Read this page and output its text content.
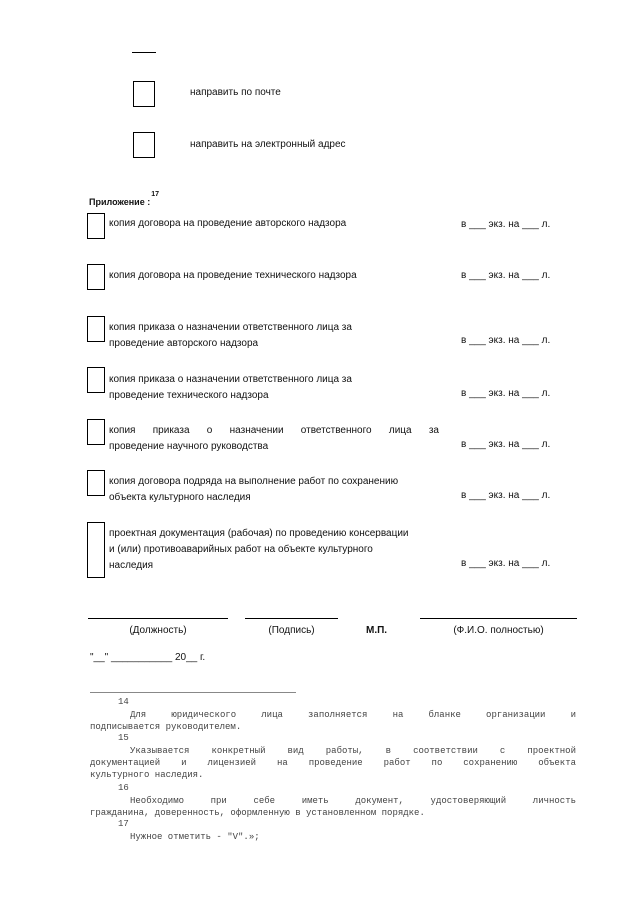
направить по почте
направить на электронный адрес
Приложение :$^{17}$
копия договора на проведение авторского надзора	в ___ экз. на ___ л.
копия договора на проведение технического надзора	в ___ экз. на ___ л.
копия приказа о назначении ответственного лица за
проведение авторского надзора	в ___ экз. на ___ л.
копия приказа о назначении ответственного лица за
проведение технического надзора	в ___ экз. на ___ л.
копия приказа о назначении ответственного лица за
проведение научного руководства	в ___ экз. на ___ л.
копия договора подряда на выполнение работ по сохранению
объекта культурного наследия	в ___ экз. на ___ л.
проектная документация (рабочая) по проведению консервации
и (или) противоаварийных работ на объекте культурного
наследия	в ___ экз. на ___ л.
(Должность)	(Подпись)	М.П.	(Ф.И.О. полностью)
"__" ___________ 20__ г.
14
Для юридического лица заполняется на бланке организации и
подписывается руководителем.
15
Указывается конкретный вид работы, в соответствии с проектной
документацией и лицензией на проведение работ по сохранению объекта
культурного наследия.
16
Необходимо при себе иметь документ, удостоверяющий личность
гражданина, доверенность, оформленную в установленном порядке.
17
Нужное отметить - "V".»;
